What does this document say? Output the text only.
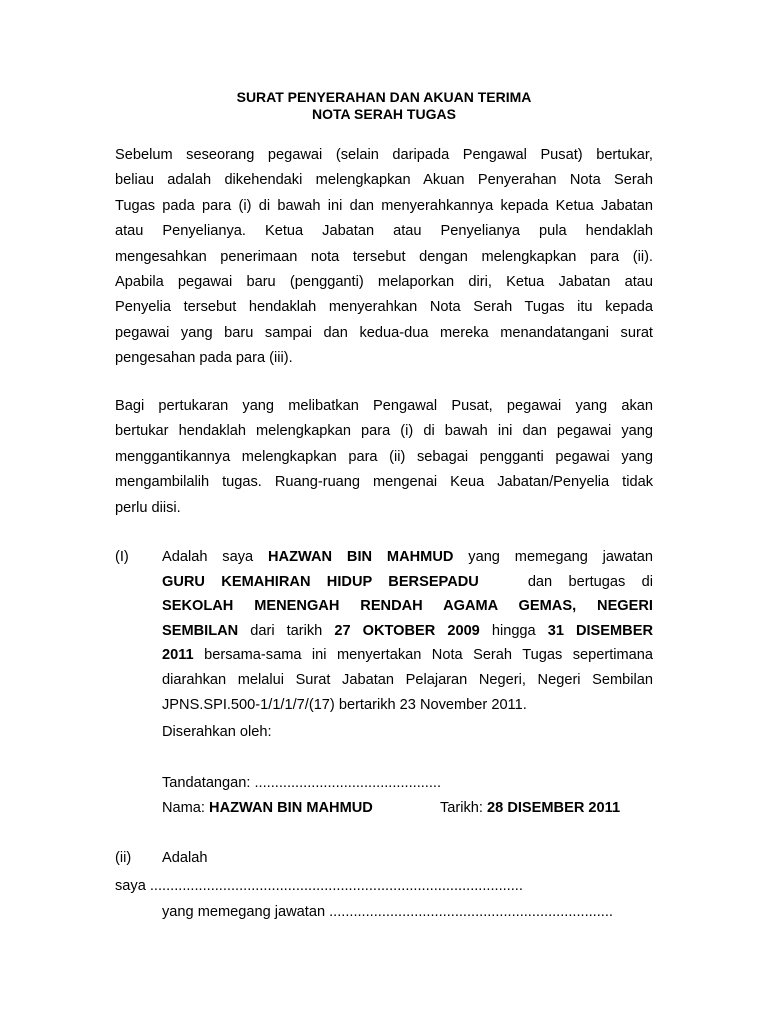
SURAT PENYERAHAN DAN AKUAN TERIMA
NOTA SERAH TUGAS
Sebelum seseorang pegawai (selain daripada Pengawal Pusat) bertukar,
beliau adalah dikehendaki melengkapkan Akuan Penyerahan Nota Serah
Tugas pada para (i) di bawah ini dan menyerahkannya kepada Ketua Jabatan
atau Penyelianya. Ketua Jabatan atau Penyelianya pula hendaklah
mengesahkan penerimaan nota tersebut dengan melengkapkan para (ii).
Apabila pegawai baru (pengganti) melaporkan diri, Ketua Jabatan atau
Penyelia tersebut hendaklah menyerahkan Nota Serah Tugas itu kepada
pegawai yang baru sampai dan kedua-dua mereka menandatangani surat
pengesahan pada para (iii).
Bagi pertukaran yang melibatkan Pengawal Pusat, pegawai yang akan
bertukar hendaklah melengkapkan para (i) di bawah ini dan pegawai yang
menggantikannya melengkapkan para (ii) sebagai pengganti pegawai yang
mengambilalih tugas. Ruang-ruang mengenai Keua Jabatan/Penyelia tidak
perlu diisi.
(I) Adalah saya HAZWAN BIN MAHMUD yang memegang jawatan
GURU KEMAHIRAN HIDUP BERSEPADU	dan bertugas di
SEKOLAH MENENGAH RENDAH AGAMA GEMAS, NEGERI
SEMBILAN dari tarikh 27 OKTOBER 2009 hingga 31 DISEMBER
2011 bersama-sama ini menyertakan Nota Serah Tugas sepertimana
diarahkan melalui Surat Jabatan Pelajaran Negeri, Negeri Sembilan
JPNS.SPI.500-1/1/1/7/(17) bertarikh 23 November 2011.
Diserahkan oleh:
Tandatangan: ..............................................
Nama: HAZWAN BIN MAHMUD	Tarikh: 28 DISEMBER 2011
(ii) Adalah
saya ............................................................................................
yang memegang jawatan ......................................................................
